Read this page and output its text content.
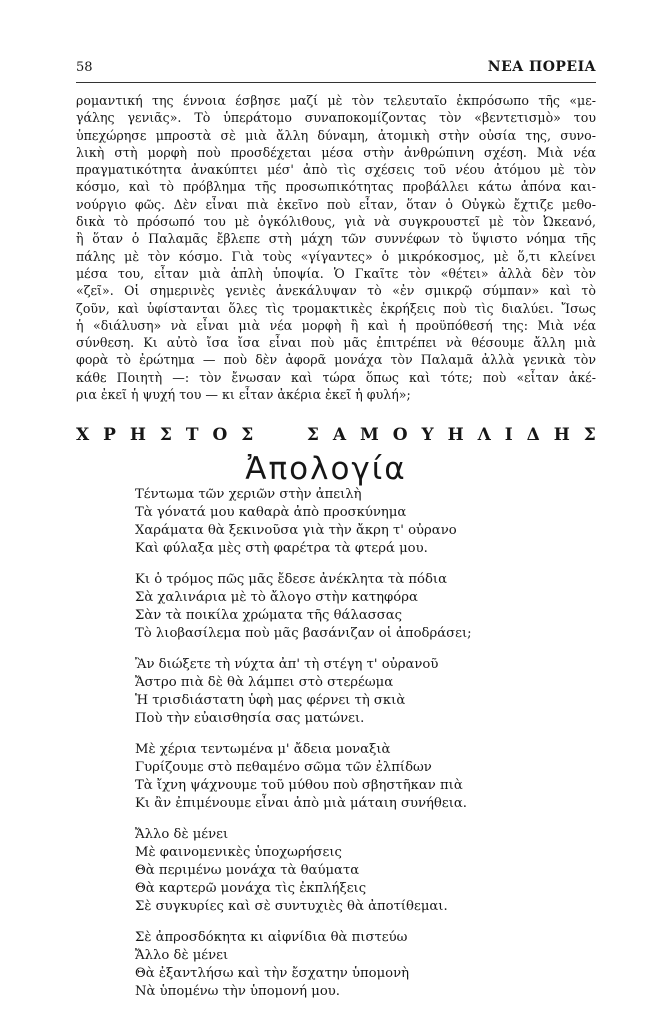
58	ΝΕΑ ΠΟΡΕΙΑ
ρομαντική της έννοια έσβησε μαζί μὲ τὸν τελευταῖο ἐκπρόσωπο τῆς «με-
γάλης γενιᾶς». Τὸ ὑπεράτομο συναποκομίζοντας τὸν «βεντετισμὸ» του
ὑπεχώρησε μπροστὰ σὲ μιὰ ἄλλη δύναμη, ἀτομικὴ στὴν οὐσία της, συνο-
λικὴ στὴ μορφὴ ποὺ προσδέχεται μέσα στὴν ἀνθρώπινη σχέση. Μιὰ νέα
πραγματικότητα ἀνακύπτει μέσ' ἀπὸ τὶς σχέσεις τοῦ νέου ἀτόμου μὲ τὸν
κόσμο, καὶ τὸ πρόβλημα τῆς προσωπικότητας προβάλλει κάτω ἀπόνα και-
νούργιο φῶς. Δὲν εἶναι πιὰ ἐκεῖνο ποὺ εἶταν, ὅταν ὁ Οὐγκὼ ἔχτιζε μεθο-
δικὰ τὸ πρόσωπό του μὲ ὀγκόλιθους, γιὰ νὰ συγκρουστεῖ μὲ τὸν Ὠκεανό,
ἢ ὅταν ὁ Παλαμᾶς ἔβλεπε στὴ μάχη τῶν συννέφων τὸ ὕψιστο νόημα τῆς
πάλης μὲ τὸν κόσμο. Γιὰ τοὺς «γίγαντες» ὁ μικρόκοσμος, μὲ ὅ,τι κλείνει
μέσα του, εἶταν μιὰ ἁπλὴ ὑποψία. Ὁ Γκαῖτε τὸν «θέτει» ἀλλὰ δὲν τὸν
«ζεῖ». Οἱ σημερινὲς γενιὲς ἀνεκάλυψαν τὸ «ἐν σμικρῷ σύμπαν» καὶ τὸ
ζοῦν, καὶ ὑφίστανται ὅλες τὶς τρομακτικὲς ἐκρήξεις ποὺ τὶς διαλύει. Ἴσως
ἡ «διάλυση» νὰ εἶναι μιὰ νέα μορφὴ ἢ καὶ ἡ προϋπόθεσή της: Μιὰ νέα
σύνθεση. Κι αὐτὸ ἴσα ἴσα εἶναι ποὺ μᾶς ἐπιτρέπει νὰ θέσουμε ἄλλη μιὰ
φορὰ τὸ ἐρώτημα — ποὺ δὲν ἀφορᾶ μονάχα τὸν Παλαμᾶ ἀλλὰ γενικὰ τὸν
κάθε Ποιητὴ —: τὸν ἔνωσαν καὶ τώρα ὅπως καὶ τότε; ποὺ «εἶταν ἀκέ-
ρια ἐκεῖ ἡ ψυχή του — κι εἶταν ἀκέρια ἐκεῖ ἡ φυλή»;
Χ Ρ Η Σ Τ Ο Σ

	Σ Α Μ Ο Υ Η Λ Ι Δ Η Σ
Ἀπολογία
Τέντωμα τῶν χεριῶν στὴν ἀπειλὴ
Τὰ γόνατά μου καθαρὰ ἀπὸ προσκύνημα
Χαράματα θὰ ξεκινοῦσα γιὰ τὴν ἄκρη τ' οὐρανο
Καὶ φύλαξα μὲς στὴ φαρέτρα τὰ φτερά μου.
Κι ὁ τρόμος πῶς μᾶς ἔδεσε ἀνέκλητα τὰ πόδια
Σὰ χαλινάρια μὲ τὸ ἄλογο στὴν κατηφόρα
Σὰν τὰ ποικίλα χρώματα τῆς θάλασσας
Τὸ λιοβασίλεμα ποὺ μᾶς βασάνιζαν οἱ ἀποδράσει;
Ἂν διώξετε τὴ νύχτα ἀπ' τὴ στέγη τ' οὐρανοῦ
Ἄστρο πιὰ δὲ θὰ λάμπει στὸ στερέωμα
Ἡ τρισδιάστατη ὑφὴ μας φέρνει τὴ σκιὰ
Ποὺ τὴν εὐαισθησία σας ματώνει.
Μὲ χέρια τεντωμένα μ' ἄδεια μοναξιὰ
Γυρίζουμε στὸ πεθαμένο σῶμα τῶν ἐλπίδων
Τὰ ἴχνη ψάχνουμε τοῦ μύθου ποὺ σβηστῆκαν πιὰ
Κι ἂν ἐπιμένουμε εἶναι ἀπὸ μιὰ μάταιη συνήθεια.
Ἄλλο δὲ μένει
Μὲ φαινομενικὲς ὑποχωρήσεις
Θὰ περιμένω μονάχα τὰ θαύματα
Θὰ καρτερῶ μονάχα τὶς ἐκπλήξεις
Σὲ συγκυρίες καὶ σὲ συντυχιὲς θὰ ἀποτίθεμαι.
Σὲ ἀπροσδόκητα κι αἰφνίδια θὰ πιστεύω
Ἄλλο δὲ μένει
Θὰ ἐξαντλήσω καὶ τὴν ἔσχατην ὑπομονὴ
Νὰ ὑπομένω τὴν ὑπομονή μου.
